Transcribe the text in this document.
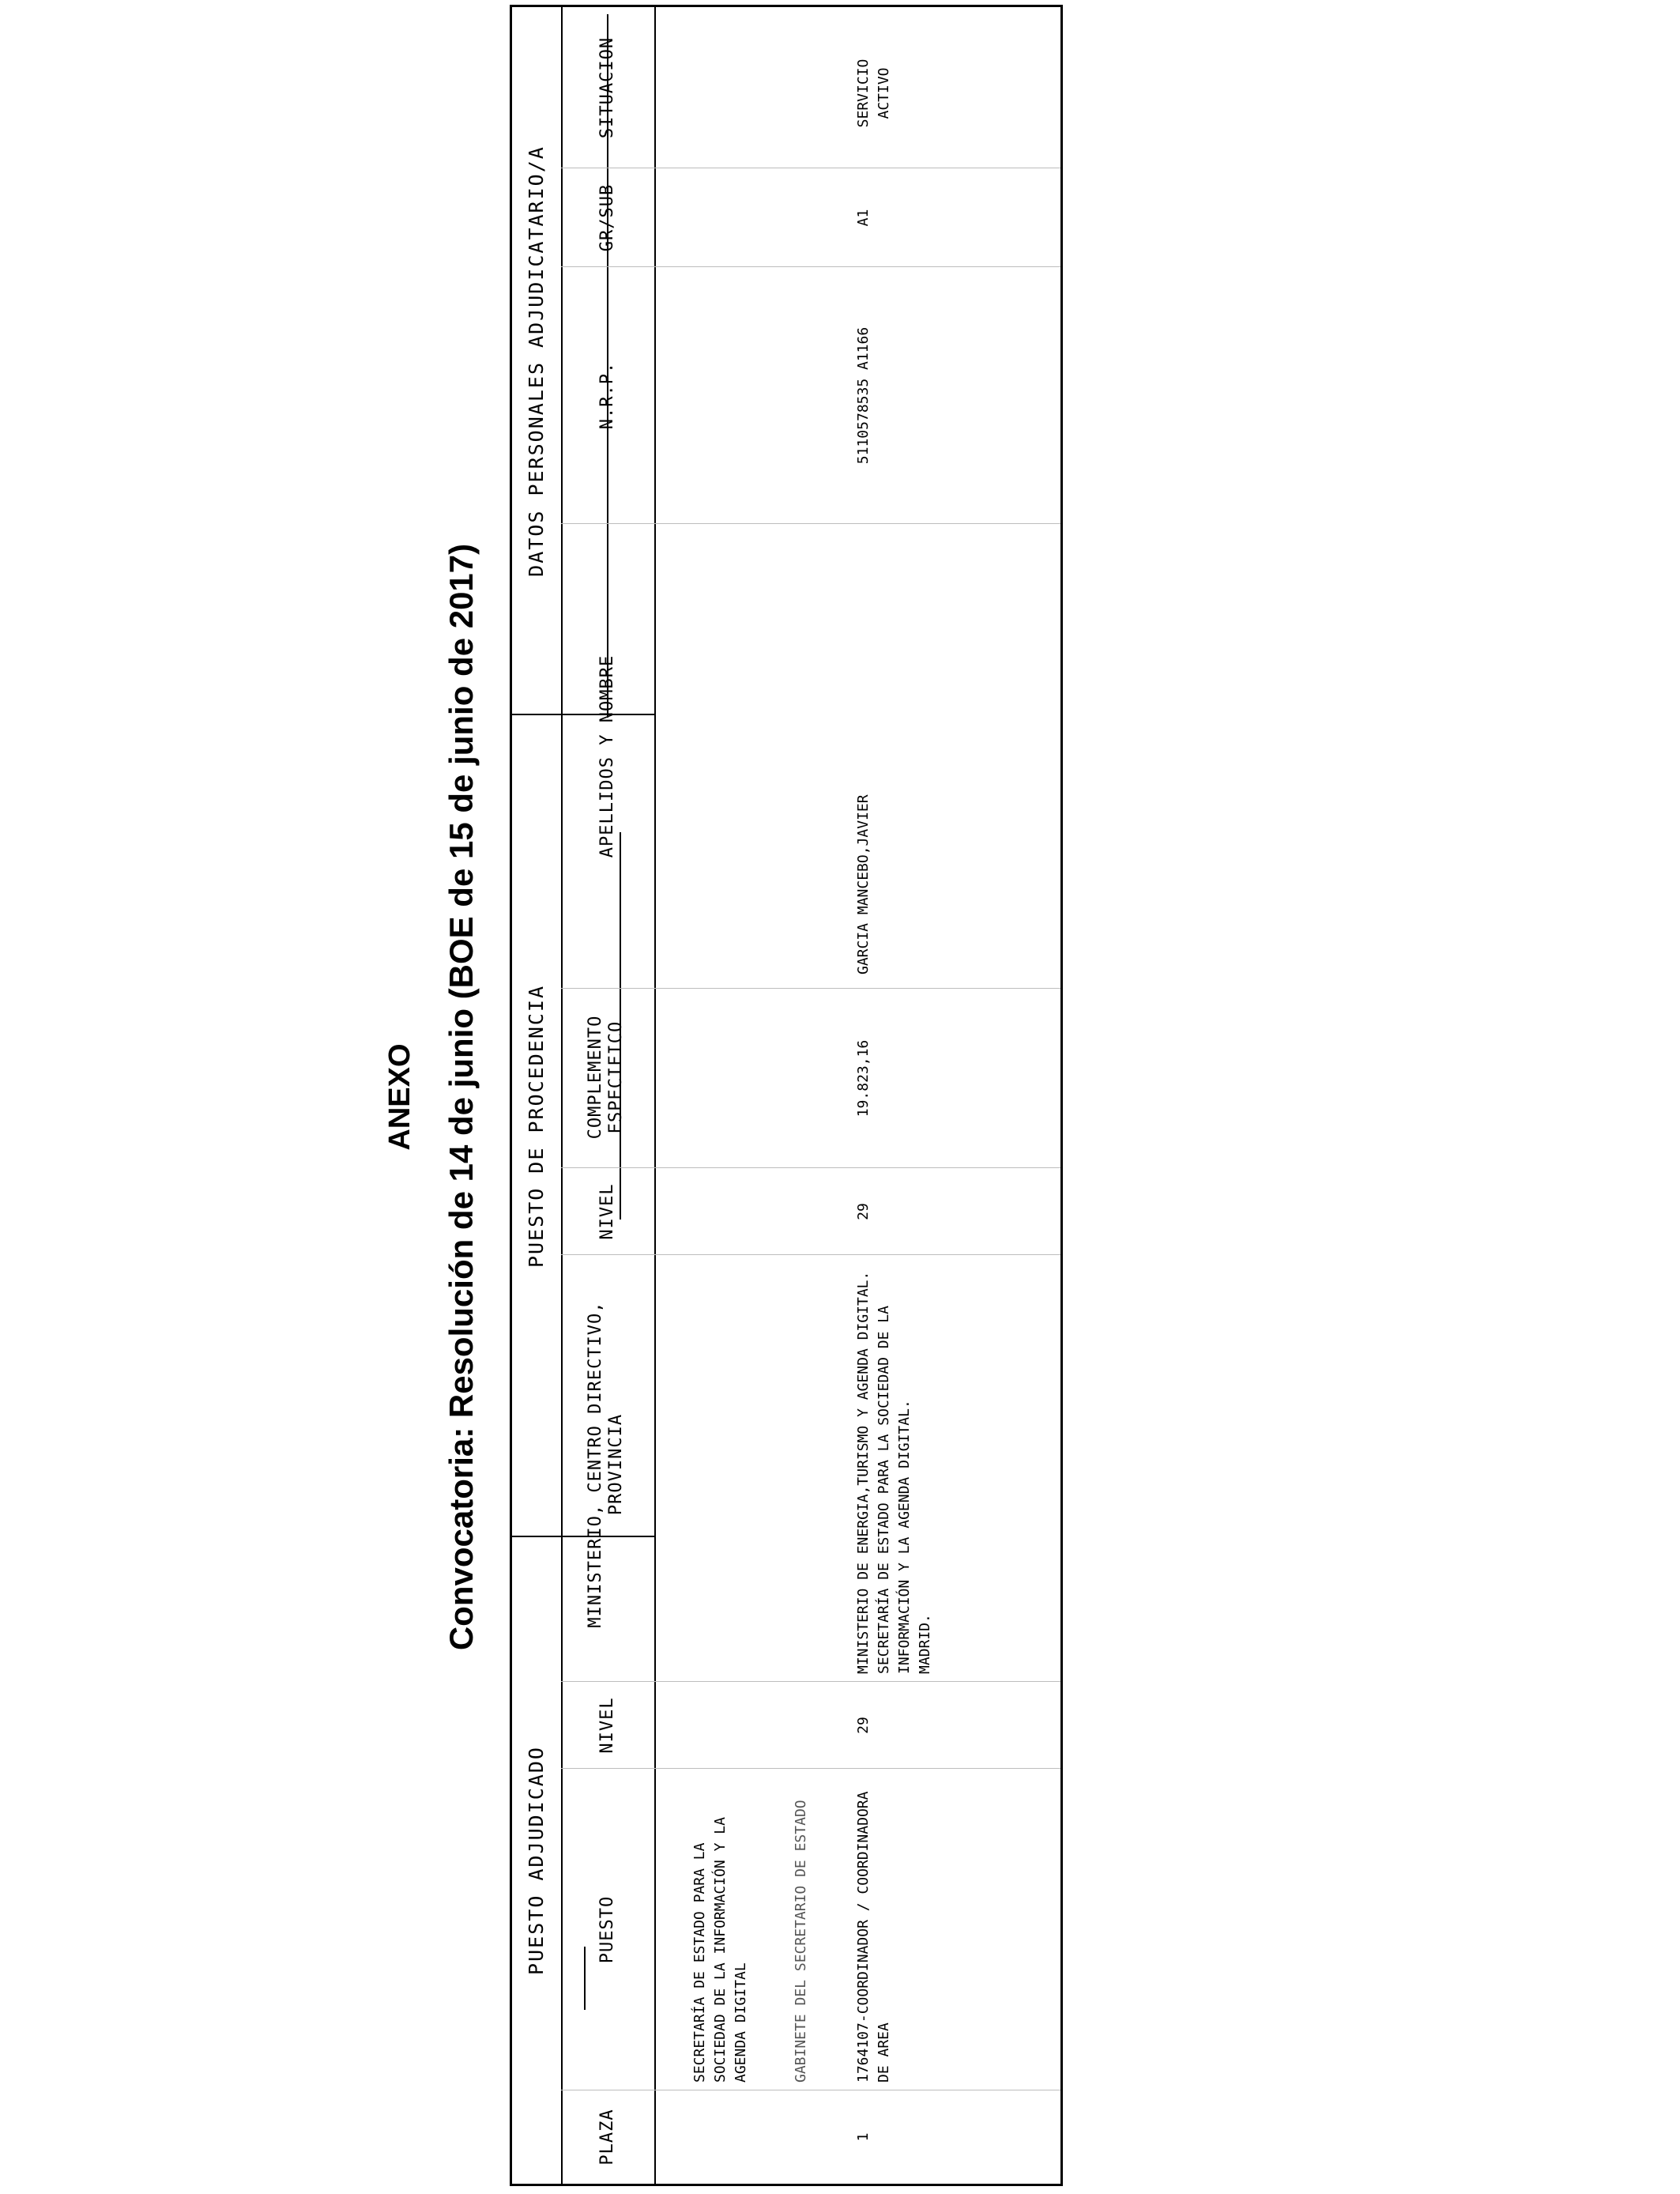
ANEXO Convocatoria: Resolución de 14 de junio (BOE de 15 de junio de 2017)
PUESTO ADJUDICADO
PUESTO DE PROCEDENCIA
DATOS PERSONALES ADJUDICATARIO/A
PLAZA
PUESTO
NIVEL
MINISTERIO, CENTRO DIRECTIVO, PROVINCIA
NIVEL
COMPLEMENTO ESPECIFICO
APELLIDOS Y NOMBRE
N.R.P.
GR/SUB
SITUACION
SECRETARÍA DE ESTADO PARA LA SOCIEDAD DE LA INFORMACIÓN Y LA AGENDA DIGITAL	GABINETE DEL SECRETARIO DE ESTADO
1
1764107-COORDINADOR / COORDINADORA DE AREA
29
MINISTERIO DE ENERGIA,TURISMO Y AGENDA DIGITAL.
SECRETARÍA DE ESTADO PARA LA SOCIEDAD DE LA INFORMACIÓN Y LA AGENDA DIGITAL.
MADRID.
29
19.823,16
GARCIA MANCEBO,JAVIER
5110578535 A1166
A1
SERVICIO ACTIVO
